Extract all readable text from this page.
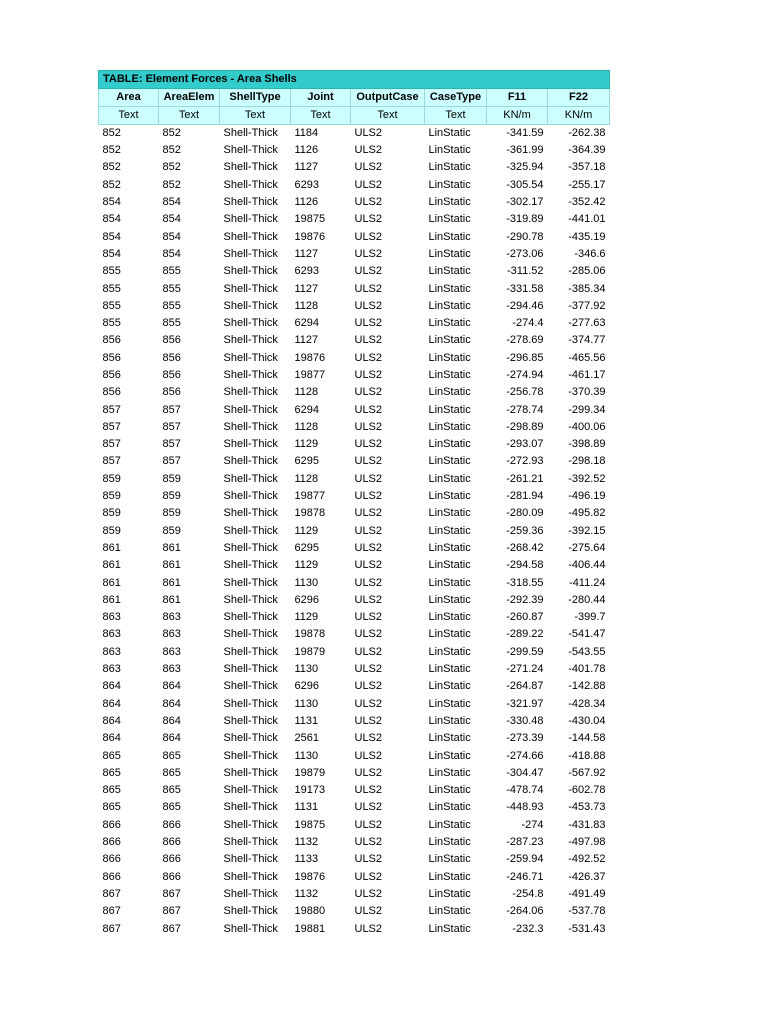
TABLE: Element Forces - Area Shells							
Area	AreaElem	ShellType	Joint	OutputCase	CaseType	F11	F22
Text	Text	Text	Text	Text	Text	KN/m	KN/m
852	852	Shell-Thick	1184	ULS2	LinStatic	-341.59	-262.38
852	852	Shell-Thick	1126	ULS2	LinStatic	-361.99	-364.39
852	852	Shell-Thick	1127	ULS2	LinStatic	-325.94	-357.18
852	852	Shell-Thick	6293	ULS2	LinStatic	-305.54	-255.17
854	854	Shell-Thick	1126	ULS2	LinStatic	-302.17	-352.42
854	854	Shell-Thick	19875	ULS2	LinStatic	-319.89	-441.01
854	854	Shell-Thick	19876	ULS2	LinStatic	-290.78	-435.19
854	854	Shell-Thick	1127	ULS2	LinStatic	-273.06	-346.6
855	855	Shell-Thick	6293	ULS2	LinStatic	-311.52	-285.06
855	855	Shell-Thick	1127	ULS2	LinStatic	-331.58	-385.34
855	855	Shell-Thick	1128	ULS2	LinStatic	-294.46	-377.92
855	855	Shell-Thick	6294	ULS2	LinStatic	-274.4	-277.63
856	856	Shell-Thick	1127	ULS2	LinStatic	-278.69	-374.77
856	856	Shell-Thick	19876	ULS2	LinStatic	-296.85	-465.56
856	856	Shell-Thick	19877	ULS2	LinStatic	-274.94	-461.17
856	856	Shell-Thick	1128	ULS2	LinStatic	-256.78	-370.39
857	857	Shell-Thick	6294	ULS2	LinStatic	-278.74	-299.34
857	857	Shell-Thick	1128	ULS2	LinStatic	-298.89	-400.06
857	857	Shell-Thick	1129	ULS2	LinStatic	-293.07	-398.89
857	857	Shell-Thick	6295	ULS2	LinStatic	-272.93	-298.18
859	859	Shell-Thick	1128	ULS2	LinStatic	-261.21	-392.52
859	859	Shell-Thick	19877	ULS2	LinStatic	-281.94	-496.19
859	859	Shell-Thick	19878	ULS2	LinStatic	-280.09	-495.82
859	859	Shell-Thick	1129	ULS2	LinStatic	-259.36	-392.15
861	861	Shell-Thick	6295	ULS2	LinStatic	-268.42	-275.64
861	861	Shell-Thick	1129	ULS2	LinStatic	-294.58	-406.44
861	861	Shell-Thick	1130	ULS2	LinStatic	-318.55	-411.24
861	861	Shell-Thick	6296	ULS2	LinStatic	-292.39	-280.44
863	863	Shell-Thick	1129	ULS2	LinStatic	-260.87	-399.7
863	863	Shell-Thick	19878	ULS2	LinStatic	-289.22	-541.47
863	863	Shell-Thick	19879	ULS2	LinStatic	-299.59	-543.55
863	863	Shell-Thick	1130	ULS2	LinStatic	-271.24	-401.78
864	864	Shell-Thick	6296	ULS2	LinStatic	-264.87	-142.88
864	864	Shell-Thick	1130	ULS2	LinStatic	-321.97	-428.34
864	864	Shell-Thick	1131	ULS2	LinStatic	-330.48	-430.04
864	864	Shell-Thick	2561	ULS2	LinStatic	-273.39	-144.58
865	865	Shell-Thick	1130	ULS2	LinStatic	-274.66	-418.88
865	865	Shell-Thick	19879	ULS2	LinStatic	-304.47	-567.92
865	865	Shell-Thick	19173	ULS2	LinStatic	-478.74	-602.78
865	865	Shell-Thick	1131	ULS2	LinStatic	-448.93	-453.73
866	866	Shell-Thick	19875	ULS2	LinStatic	-274	-431.83
866	866	Shell-Thick	1132	ULS2	LinStatic	-287.23	-497.98
866	866	Shell-Thick	1133	ULS2	LinStatic	-259.94	-492.52
866	866	Shell-Thick	19876	ULS2	LinStatic	-246.71	-426.37
867	867	Shell-Thick	1132	ULS2	LinStatic	-254.8	-491.49
867	867	Shell-Thick	19880	ULS2	LinStatic	-264.06	-537.78
867	867	Shell-Thick	19881	ULS2	LinStatic	-232.3	-531.43
